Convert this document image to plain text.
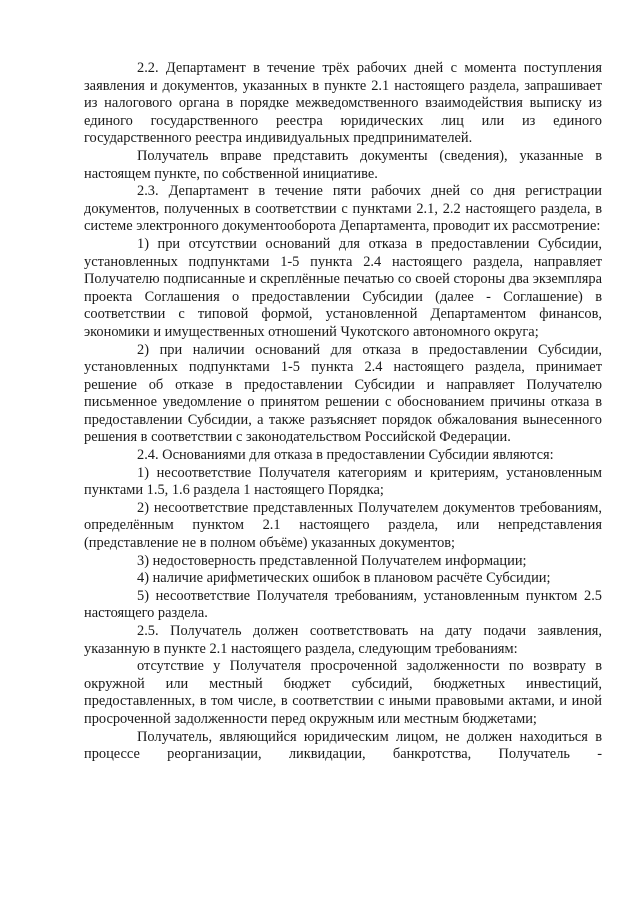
2.2. Департамент в течение трёх рабочих дней с момента поступления заявления и документов, указанных в пункте 2.1 настоящего раздела, запрашивает из налогового органа в порядке межведомственного взаимодействия выписку из единого государственного реестра юридических лиц или из единого государственного реестра индивидуальных предпринимателей.

Получатель вправе представить документы (сведения), указанные в настоящем пункте, по собственной инициативе.

2.3. Департамент в течение пяти рабочих дней со дня регистрации документов, полученных в соответствии с пунктами 2.1, 2.2 настоящего раздела, в системе электронного документооборота Департамента, проводит их рассмотрение:

1) при отсутствии оснований для отказа в предоставлении Субсидии, установленных подпунктами 1-5 пункта 2.4 настоящего раздела, направляет Получателю подписанные и скреплённые печатью со своей стороны два экземпляра проекта Соглашения о предоставлении Субсидии (далее - Соглашение) в соответствии с типовой формой, установленной Департаментом финансов, экономики и имущественных отношений Чукотского автономного округа;

2) при наличии оснований для отказа в предоставлении Субсидии, установленных подпунктами 1-5 пункта 2.4 настоящего раздела, принимает решение об отказе в предоставлении Субсидии и направляет Получателю письменное уведомление о принятом решении с обоснованием причины отказа в предоставлении Субсидии, а также разъясняет порядок обжалования вынесенного решения в соответствии с законодательством Российской Федерации.

2.4. Основаниями для отказа в предоставлении Субсидии являются:

1) несоответствие Получателя категориям и критериям, установленным пунктами 1.5, 1.6 раздела 1 настоящего Порядка;

2) несоответствие представленных Получателем документов требованиям, определённым пунктом 2.1 настоящего раздела, или непредставления (представление не в полном объёме) указанных документов;

3) недостоверность представленной Получателем информации;

4) наличие арифметических ошибок в плановом расчёте Субсидии;

5) несоответствие Получателя требованиям, установленным пунктом 2.5 настоящего раздела.

2.5. Получатель должен соответствовать на дату подачи заявления, указанную в пункте 2.1 настоящего раздела, следующим требованиям:

отсутствие у Получателя просроченной задолженности по возврату в окружной или местный бюджет субсидий, бюджетных инвестиций, предоставленных, в том числе, в соответствии с иными правовыми актами, и иной просроченной задолженности перед окружным или местным бюджетами;

Получатель, являющийся юридическим лицом, не должен находиться в процессе реорганизации, ликвидации, банкротства, Получатель -
